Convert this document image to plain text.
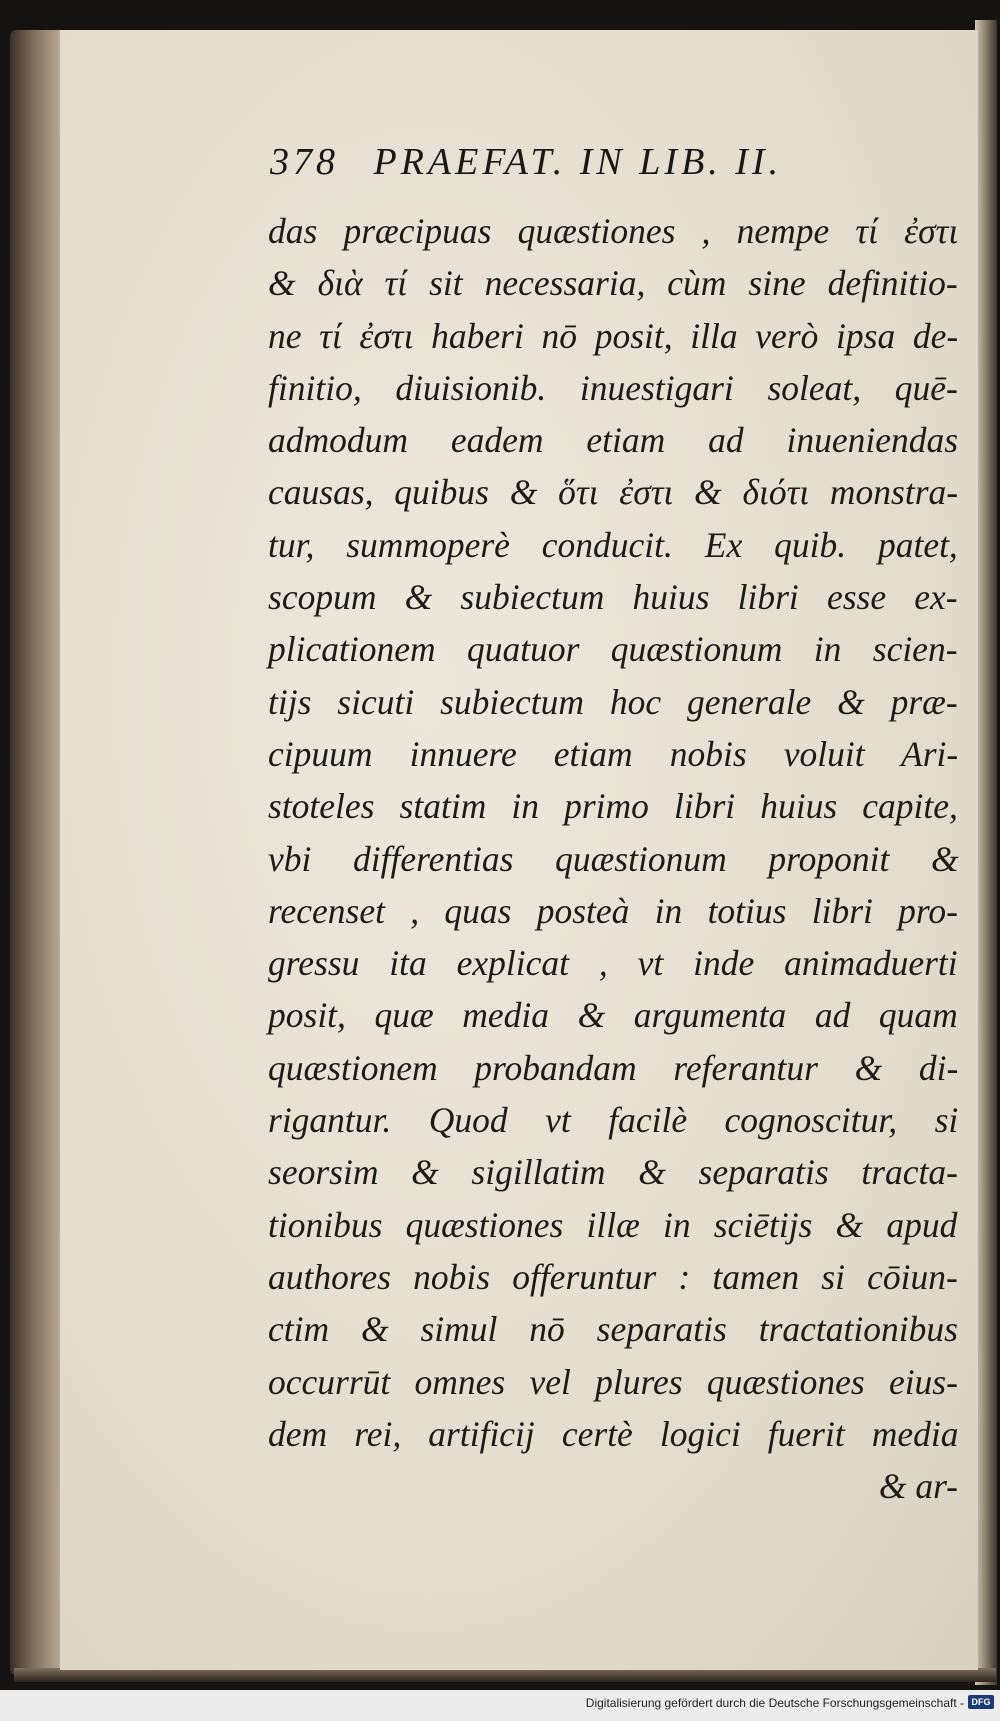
378 PRAEFAT. IN LIB. II.
das præcipuas quæstiones , nempe τί ἐστι
& διὰ τί sit necessaria, cùm sine definitio-
ne τί ἐστι haberi nō posit, illa verò ipsa de-
finitio, diuisionib. inuestigari soleat, quē-
admodum eadem etiam ad inueniendas
causas, quibus & ὅτι ἐστι & διότι monstra-
tur, summoperè conducit. Ex quib. patet,
scopum & subiectum huius libri esse ex-
plicationem quatuor quæstionum in scien-
tijs sicuti subiectum hoc generale & præ-
cipuum innuere etiam nobis voluit Ari-
stoteles statim in primo libri huius capite,
vbi differentias quæstionum proponit &
recenset , quas posteà in totius libri pro-
gressu ita explicat , vt inde animaduerti
posit, quæ media & argumenta ad quam
quæstionem probandam referantur & di-
rigantur. Quod vt facilè cognoscitur, si
seorsim & sigillatim & separatis tracta-
tionibus quæstiones illæ in sciētijs & apud
authores nobis offeruntur : tamen si cōiun-
ctim & simul nō separatis tractationibus
occurrūt omnes vel plures quæstiones eius-
dem rei, artificij certè logici fuerit media
& ar-
Digitalisierung gefördert durch die Deutsche Forschungsgemeinschaft - DFG
